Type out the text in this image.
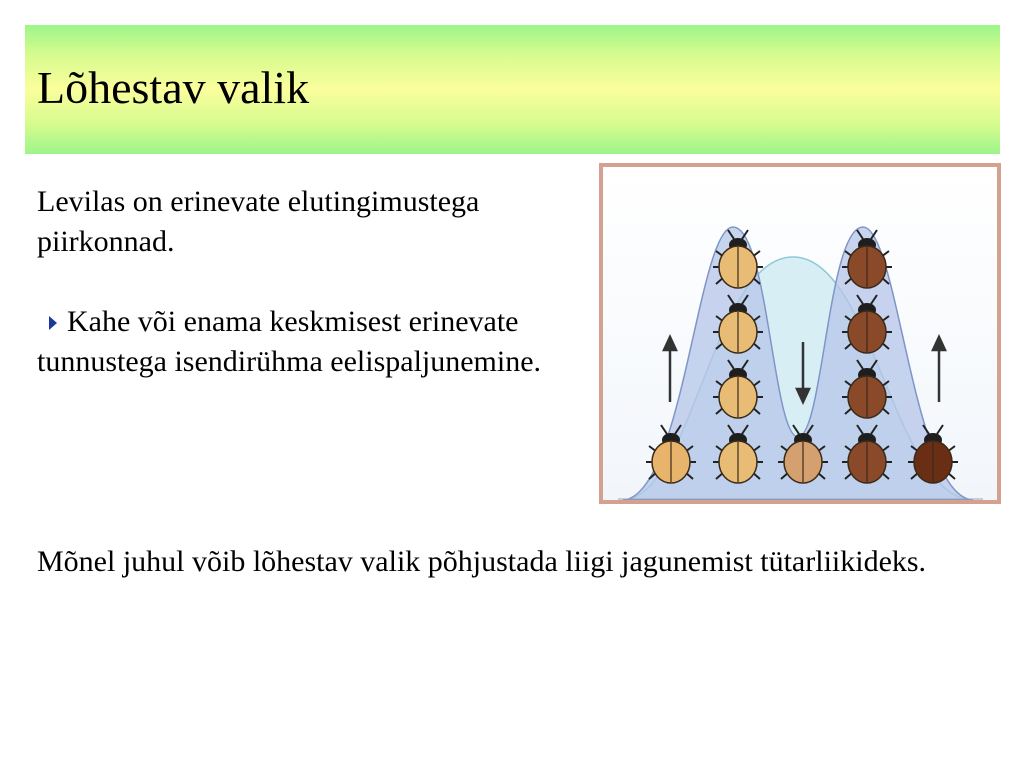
Lõhestav valik

Levilas on erinevate elutingimustega piirkonnad.

Kahe või enama keskmisest erinevate tunnustega isendirühma eelispaljunemine.

Mõnel juhul võib lõhestav valik põhjustada liigi jagunemist tütarliikideks.
